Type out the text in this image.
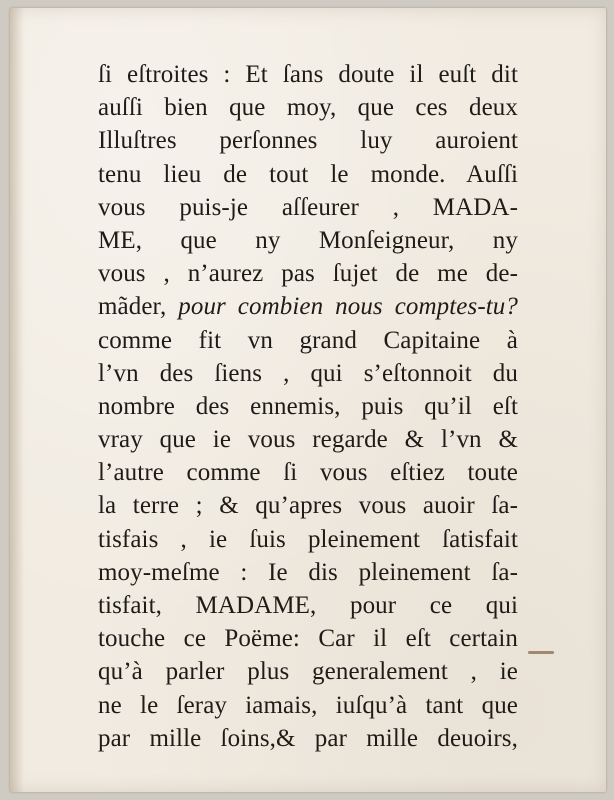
ſi eſtroites : Et ſans doute il euſt dit
auſſi bien que moy, que ces deux
Illuſtres perſonnes luy auroient
tenu lieu de tout le monde. Auſſi
vous puis-je aſſeurer , MADA-
ME, que ny Monſeigneur, ny
vous , n’aurez pas ſujet de me de-
mãder, pour combien nous comptes-tu?
comme fit vn grand Capitaine à
l’vn des ſiens , qui s’eſtonnoit du
nombre des ennemis, puis qu’il eſt
vray que ie vous regarde & l’vn &
l’autre comme ſi vous eſtiez toute
la terre ; & qu’apres vous auoir ſa-
tisfais , ie ſuis pleinement ſatisfait
moy-meſme : Ie dis pleinement ſa-
tisfait, MADAME, pour ce qui
touche ce Poëme: Car il eſt certain
qu’à parler plus generalement , ie
ne le ſeray iamais, iuſqu’à tant que
par mille ſoins,& par mille deuoirs,
